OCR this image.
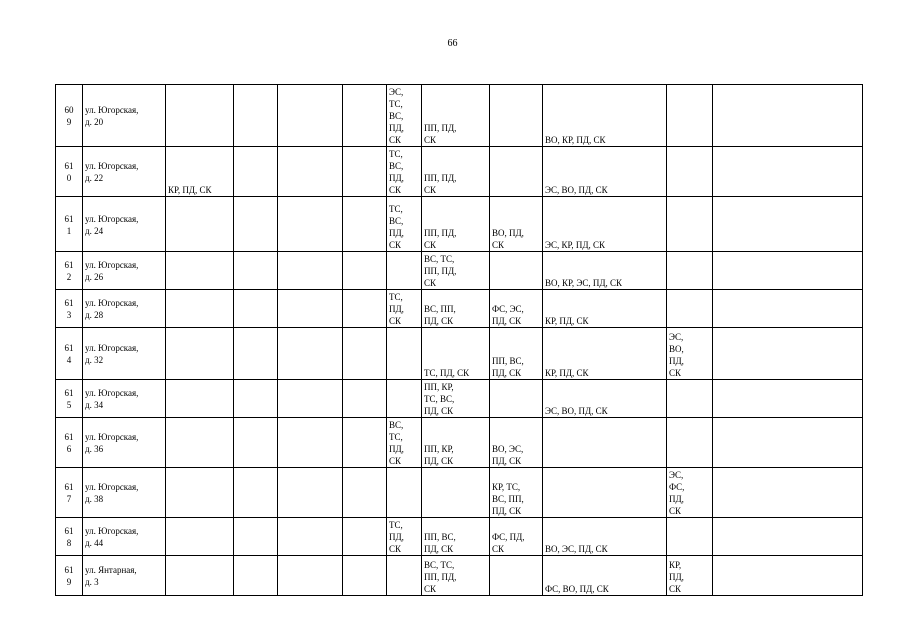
66
60
9	ул. Югорская,
д. 20					ЭС,
ТС,
ВС,
ПД,
СК	ПП, ПД,
СК		ВО, КР, ПД, СК		
61
0	ул. Югорская,
д. 22	КР, ПД, СК				ТС,
ВС,
ПД,
СК	ПП, ПД,
СК		ЭС, ВО, ПД, СК		
61
1	ул. Югорская,
д. 24					ТС,
ВС,
ПД,
СК	ПП, ПД,
СК	ВО, ПД,
СК	ЭС, КР, ПД, СК		
61
2	ул. Югорская,
д. 26						ВС, ТС,
ПП, ПД,
СК		ВО, КР, ЭС, ПД, СК		
61
3	ул. Югорская,
д. 28					ТС,
ПД,
СК	ВС, ПП,
ПД, СК	ФС, ЭС,
ПД, СК	КР, ПД, СК		
61
4	ул. Югорская,
д. 32						ТС, ПД, СК	ПП, ВС,
ПД, СК	КР, ПД, СК	ЭС,
ВО,
ПД,
СК	
61
5	ул. Югорская,
д. 34						ПП, КР,
ТС, ВС,
ПД, СК		ЭС, ВО, ПД, СК		
61
6	ул. Югорская,
д. 36					ВС,
ТС,
ПД,
СК	ПП, КР,
ПД, СК	ВО, ЭС,
ПД, СК			
61
7	ул. Югорская,
д. 38							КР, ТС,
ВС, ПП,
ПД, СК		ЭС,
ФС,
ПД,
СК	
61
8	ул. Югорская,
д. 44					ТС,
ПД,
СК	ПП, ВС,
ПД, СК	ФС, ПД,
СК	ВО, ЭС, ПД, СК		
61
9	ул. Янтарная,
д. 3						ВС, ТС,
ПП, ПД,
СК		ФС, ВО, ПД, СК	КР,
ПД,
СК	
